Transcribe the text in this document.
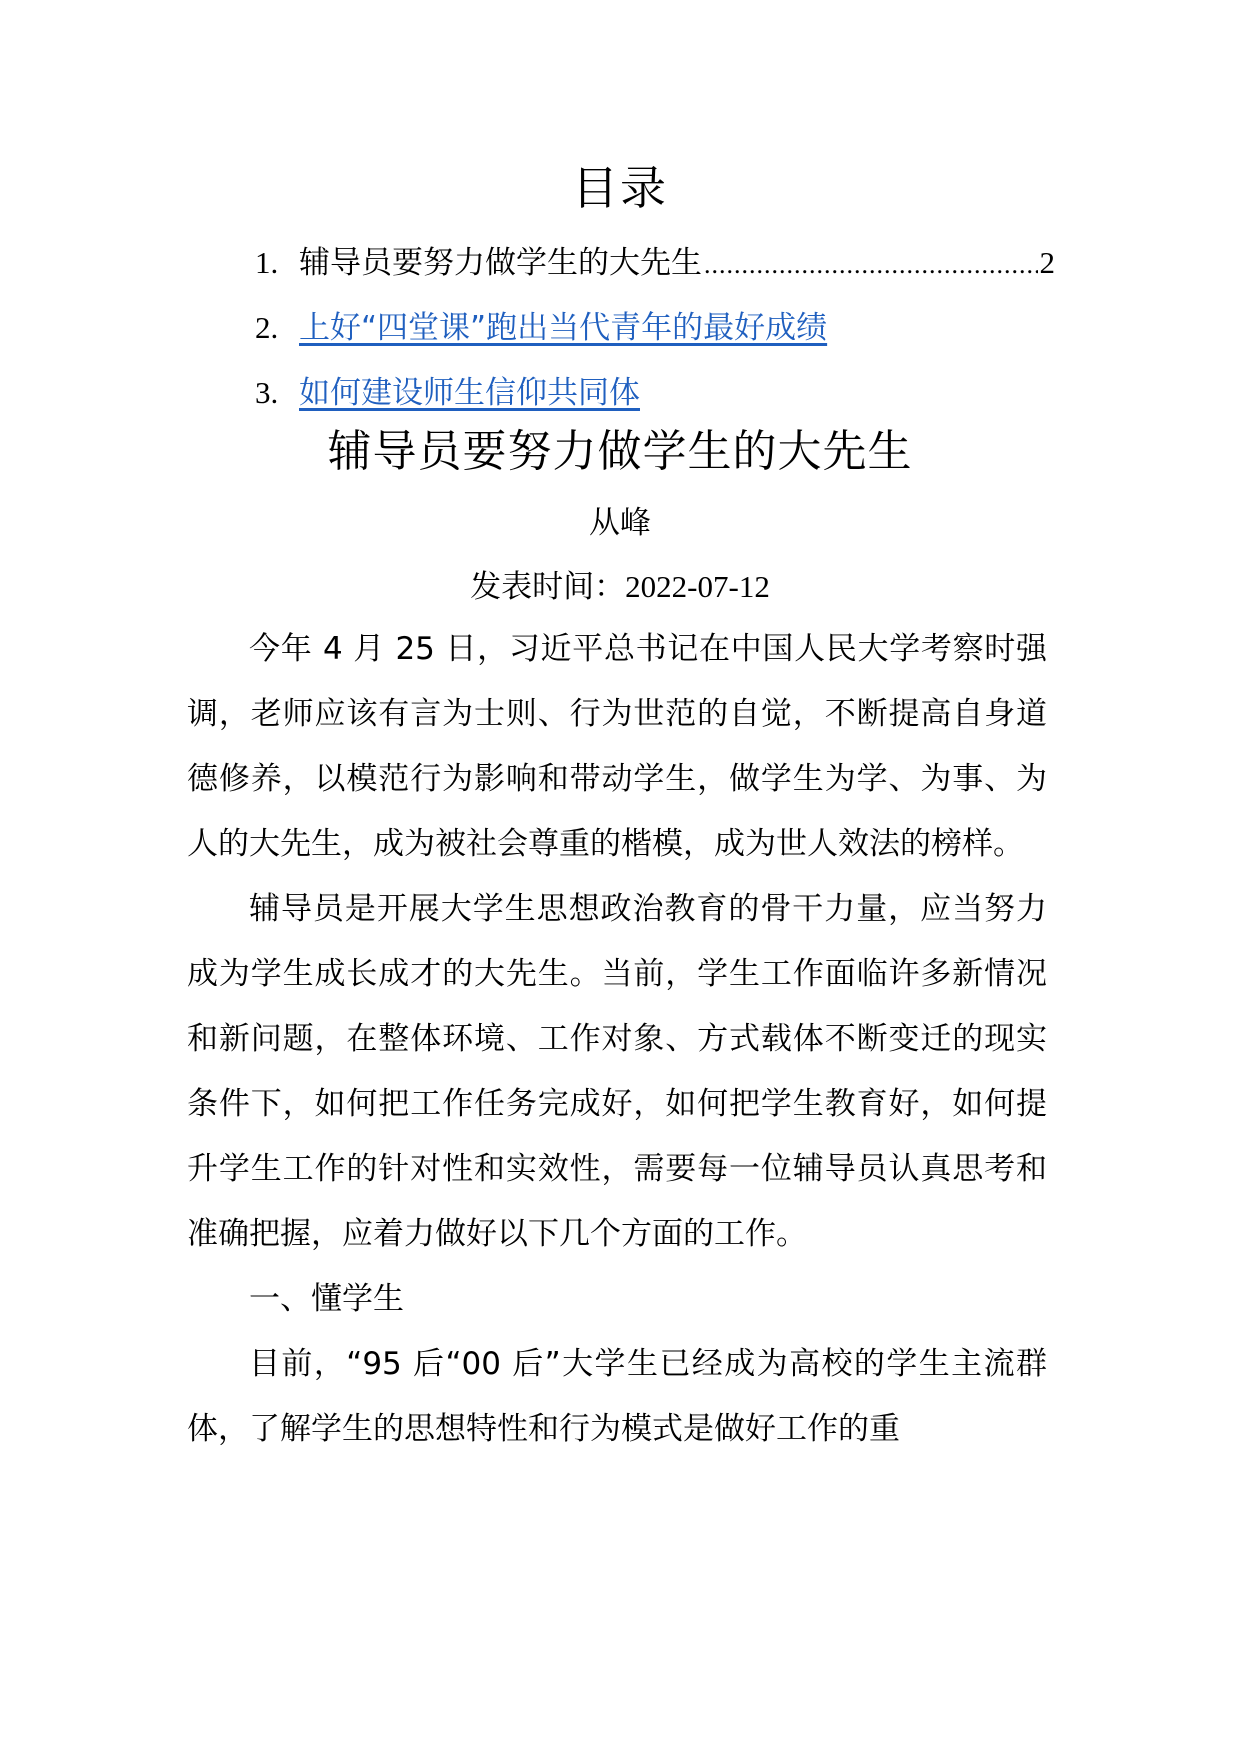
目录
1. 辅导员要努力做学生的大先生
.....	2
2. 上好“四堂课”跑出当代青年的最好成绩
3. 如何建设师生信仰共同体
辅导员要努力做学生的大先生
从峰
发表时间：2022-07-12

今年 4 月 25 日，习近平总书记在中国人民大学考察时强调，老师应该有言为士则、行为世范的自觉，不断提高自身道德修养，以模范行为影响和带动学生，做学生为学、为事、为人的大先生，成为被社会尊重的楷模，成为世人效法的榜样。

辅导员是开展大学生思想政治教育的骨干力量，应当努力成为学生成长成才的大先生。当前，学生工作面临许多新情况和新问题，在整体环境、工作对象、方式载体不断变迁的现实条件下，如何把工作任务完成好，如何把学生教育好，如何提升学生工作的针对性和实效性，需要每一位辅导员认真思考和准确把握，应着力做好以下几个方面的工作。

一、懂学生

目前，“95 后“00 后”大学生已经成为高校的学生主流群体，了解学生的思想特性和行为模式是做好工作的重
